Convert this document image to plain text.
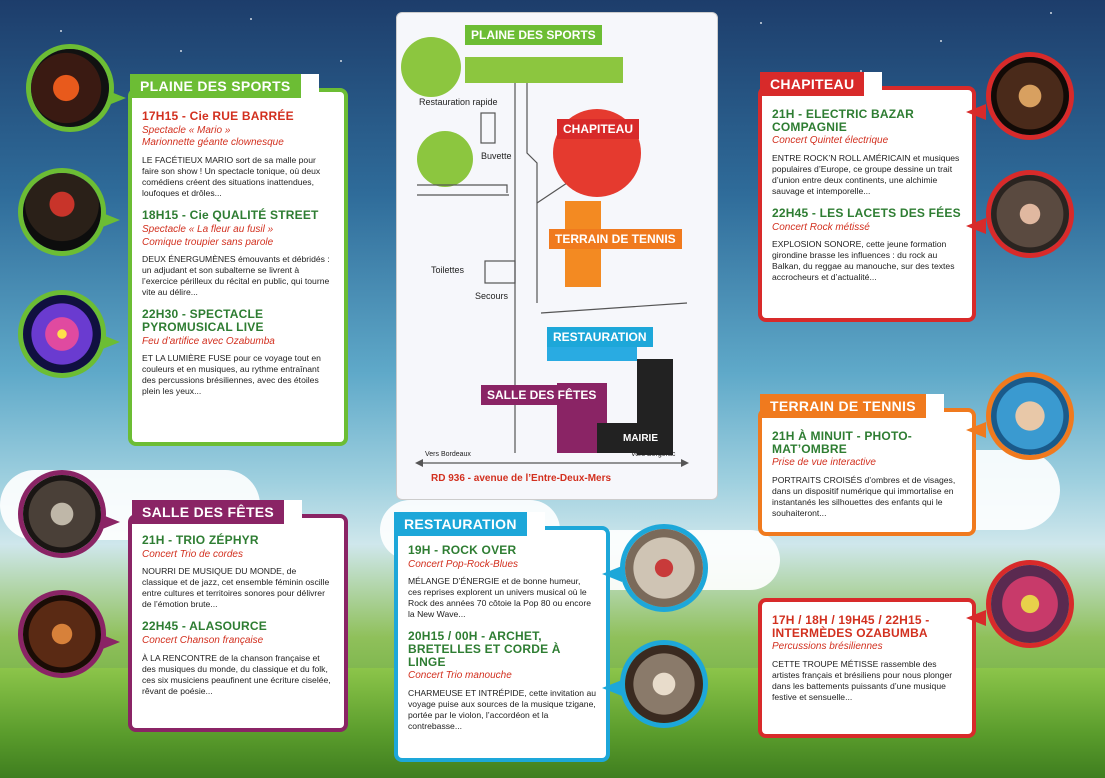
PLAINE DES SPORTS
17H15 - Cie RUE BARRÉE
Spectacle « Mario »
Marionnette géante clownesque
LE FACÉTIEUX MARIO sort de sa malle pour faire son show ! Un spectacle tonique, où deux comédiens créent des situations inattendues, loufoques et drôles...
18H15 - Cie QUALITÉ STREET
Spectacle « La fleur au fusil »
Comique troupier sans parole
DEUX ÉNERGUMÈNES émouvants et débridés : un adjudant et son subalterne se livrent à l’exercice périlleux du récital en public, qui tourne vite au délire...
22H30 - SPECTACLE PYROMUSICAL LIVE
Feu d’artifice avec Ozabumba
ET LA LUMIÈRE FUSE pour ce voyage tout en couleurs et en musiques, au rythme entraînant des percussions brésiliennes, avec des étoiles plein les yeux...
SALLE DES FÊTES
21H - TRIO ZÉPHYR
Concert Trio de cordes
NOURRI DE MUSIQUE DU MONDE, de classique et de jazz, cet ensemble féminin oscille entre cultures et territoires sonores pour délivrer de l’émotion brute...
22H45 - ALASOURCE
Concert Chanson française
À LA RENCONTRE de la chanson française et des musiques du monde, du classique et du folk, ces six musiciens peaufinent une écriture ciselée, rêvant de poésie...
PLAINE DES SPORTS
Restauration rapide
Buvette
CHAPITEAU
TERRAIN DE TENNIS
Toilettes
Secours
RESTAURATION
SALLE DES FÊTES
MAIRIE
Vers Bordeaux	Vers Bergerac
RD 936 - avenue de l’Entre-Deux-Mers
RESTAURATION
19H - ROCK OVER
Concert Pop-Rock-Blues
MÉLANGE D’ÉNERGIE et de bonne humeur, ces reprises explorent un univers musical où le Rock des années 70 côtoie la Pop 80 ou encore la New Wave...
20H15 / 00H - ARCHET, BRETELLES ET CORDE À LINGE
Concert Trio manouche
CHARMEUSE ET INTRÉPIDE, cette invitation au voyage puise aux sources de la musique tzigane, portée par le violon, l’accordéon et la contrebasse...
CHAPITEAU
21H - ELECTRIC BAZAR COMPAGNIE
Concert Quintet électrique
ENTRE ROCK’N ROLL AMÉRICAIN et musiques populaires d’Europe, ce groupe dessine un trait d’union entre deux continents, une alchimie sauvage et intemporelle...
22H45 - LES LACETS DES FÉES
Concert Rock métissé
EXPLOSION SONORE, cette jeune formation girondine brasse les influences : du rock au Balkan, du reggae au manouche, sur des textes accrocheurs et d’actualité...
TERRAIN DE TENNIS
21H À MINUIT - PHOTO-MAT’OMBRE
Prise de vue interactive
PORTRAITS CROISÉS d’ombres et de visages, dans un dispositif numérique qui immortalise en instantanés les silhouettes des enfants qui le souhaiteront...
17H / 18H / 19H45 / 22H15 - INTERMÈDES OZABUMBA
Percussions brésiliennes
CETTE TROUPE MÉTISSE rassemble des artistes français et brésiliens pour nous plonger dans les battements puissants d’une musique festive et sensuelle...
